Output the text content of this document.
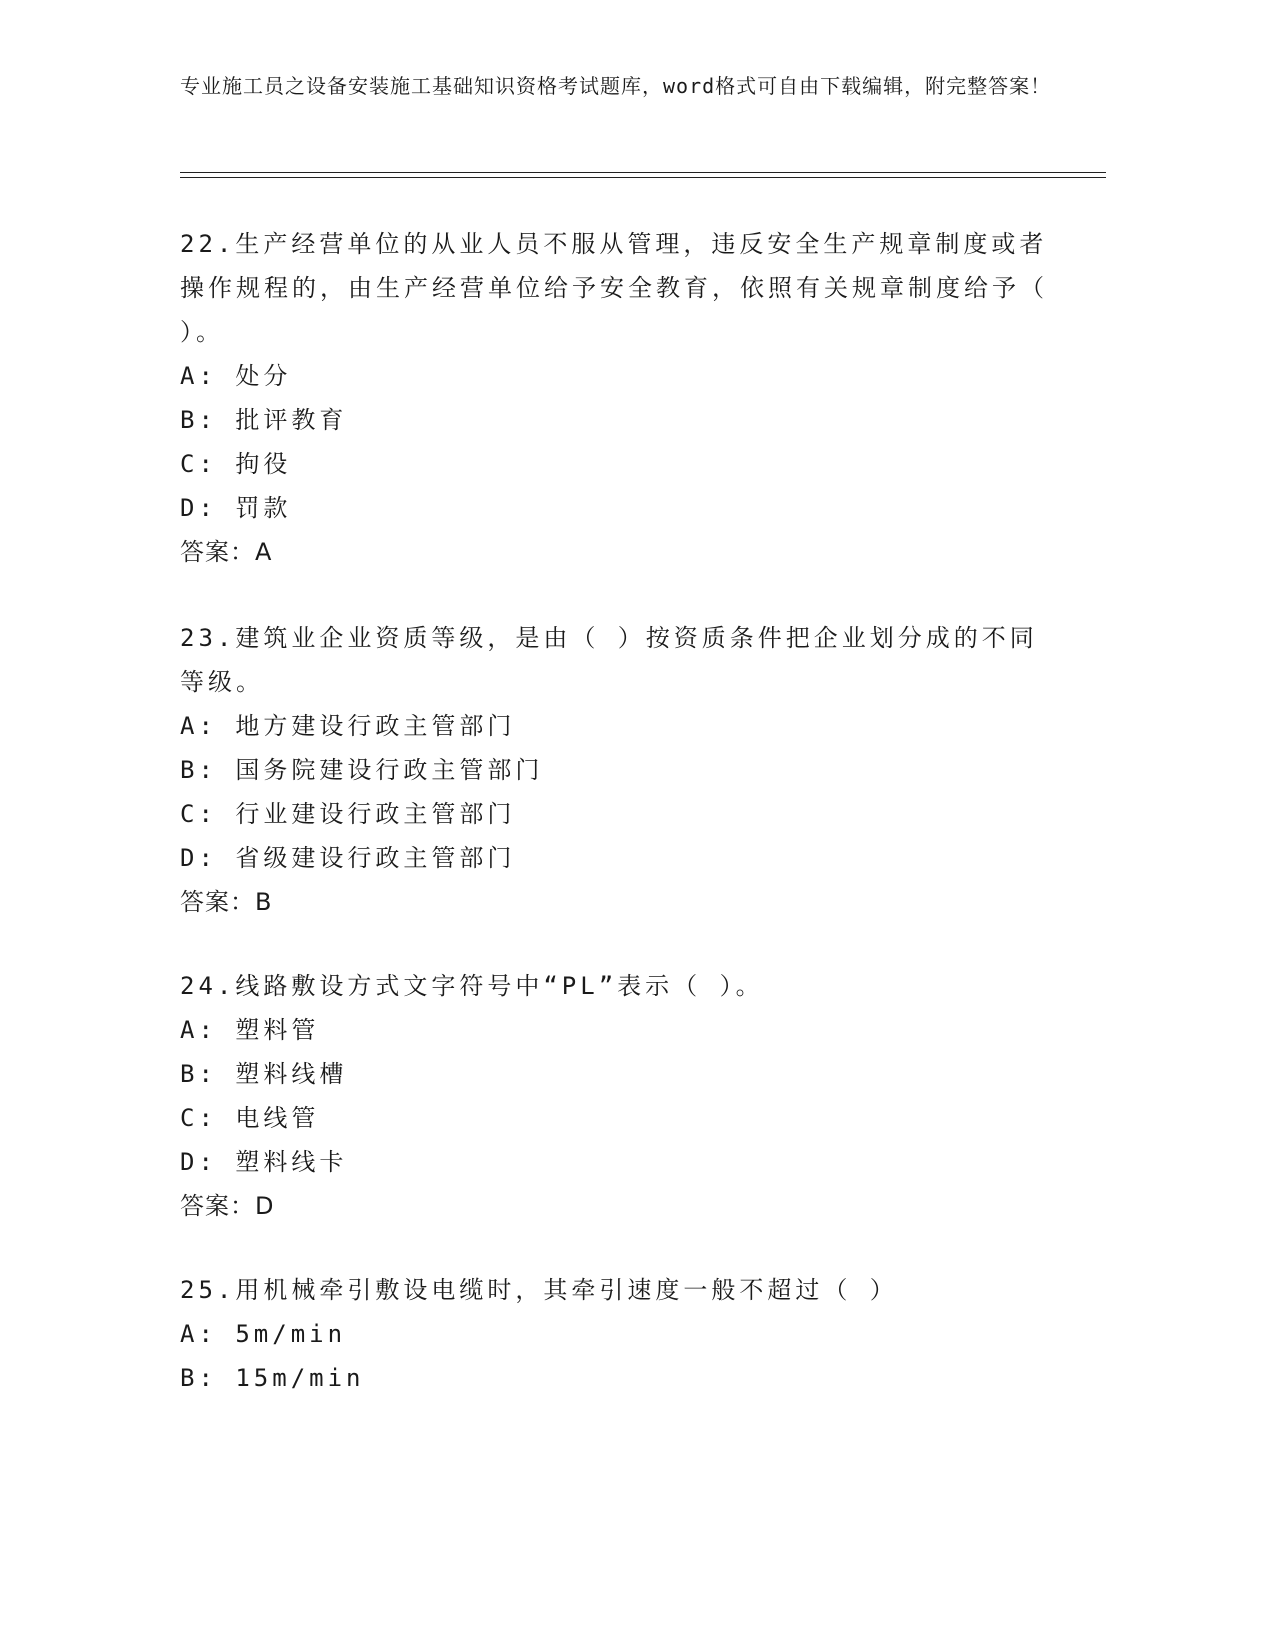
专业施工员之设备安装施工基础知识资格考试题库，word格式可自由下载编辑，附完整答案！

22.生产经营单位的从业人员不服从管理，违反安全生产规章制度或者操作规程的，由生产经营单位给予安全教育，依照有关规章制度给予（ ）。

A: 处分

B: 批评教育

C: 拘役

D: 罚款

答案：A

23.建筑业企业资质等级，是由（ ）按资质条件把企业划分成的不同等级。

A: 地方建设行政主管部门

B: 国务院建设行政主管部门

C: 行业建设行政主管部门

D: 省级建设行政主管部门

答案：B

24.线路敷设方式文字符号中“PL”表示（ ）。

A: 塑料管

B: 塑料线槽

C: 电线管

D: 塑料线卡

答案：D

25.用机械牵引敷设电缆时，其牵引速度一般不超过（ ）

A: 5m/min

B: 15m/min
